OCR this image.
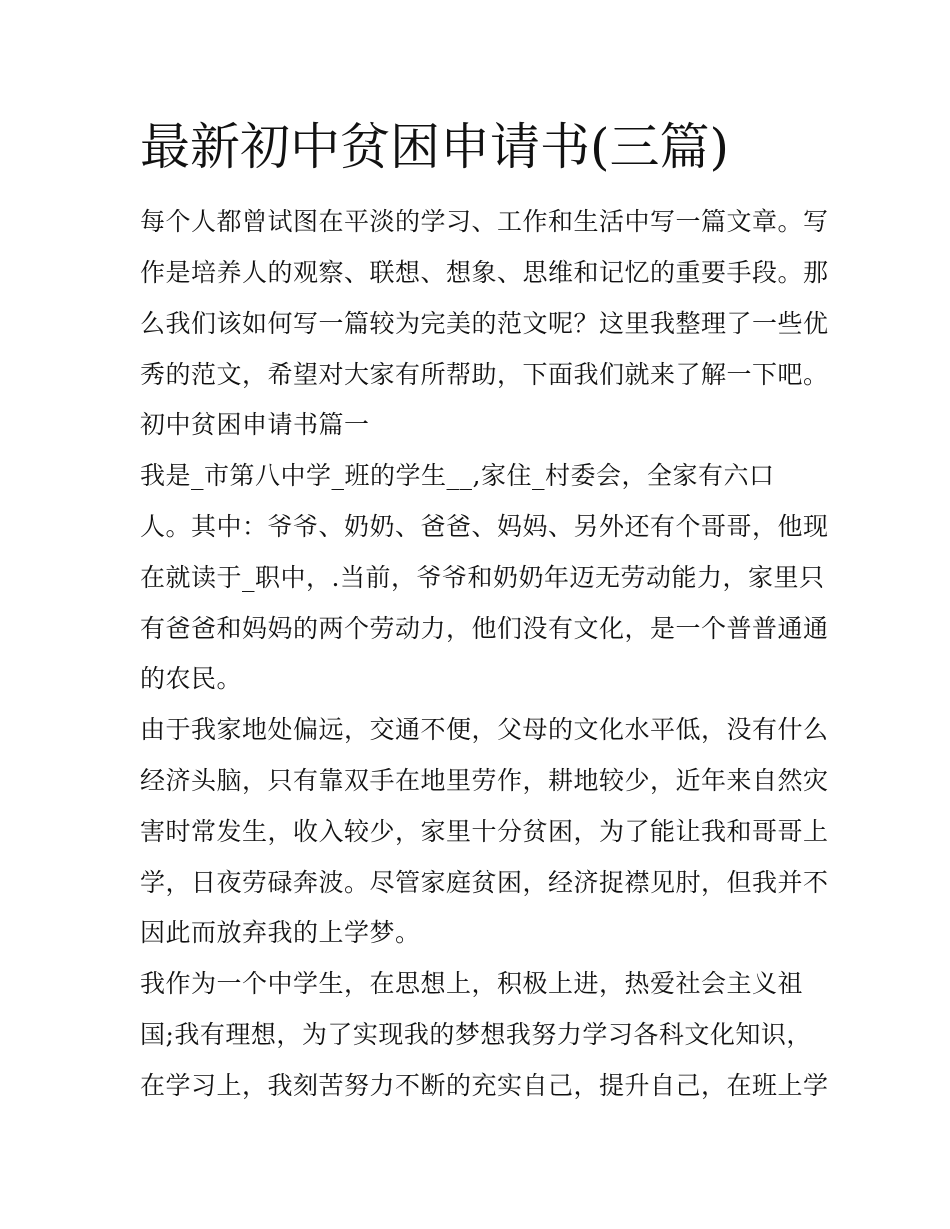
最新初中贫困申请书(三篇)

每个人都曾试图在平淡的学习、工作和生活中写一篇文章。写

作是培养人的观察、联想、想象、思维和记忆的重要手段。那

么我们该如何写一篇较为完美的范文呢？这里我整理了一些优

秀的范文，希望对大家有所帮助，下面我们就来了解一下吧。

初中贫困申请书篇一

我是_市第八中学_班的学生__,家住_村委会，全家有六口

人。其中：爷爷、奶奶、爸爸、妈妈、另外还有个哥哥，他现

在就读于_职中，.当前，爷爷和奶奶年迈无劳动能力，家里只

有爸爸和妈妈的两个劳动力，他们没有文化，是一个普普通通

的农民。

由于我家地处偏远，交通不便，父母的文化水平低，没有什么

经济头脑，只有靠双手在地里劳作，耕地较少，近年来自然灾

害时常发生，收入较少，家里十分贫困，为了能让我和哥哥上

学，日夜劳碌奔波。尽管家庭贫困，经济捉襟见肘，但我并不

因此而放弃我的上学梦。

我作为一个中学生，在思想上，积极上进，热爱社会主义祖

国;我有理想，为了实现我的梦想我努力学习各科文化知识，

在学习上，我刻苦努力不断的充实自己，提升自己，在班上学
